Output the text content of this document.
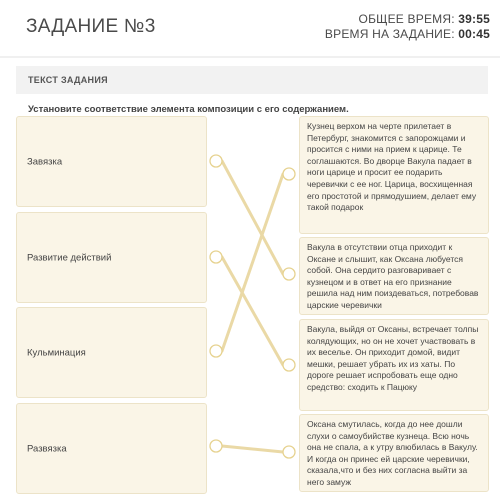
ЗАДАНИЕ №3	ОБЩЕЕ ВРЕМЯ: 39:55
ВРЕМЯ НА ЗАДАНИЕ: 00:45
ТЕКСТ ЗАДАНИЯ
Установите соответствие элемента композиции с его содержанием.
Завязка
Развитие действий
Кульминация
Развязка
Кузнец верхом на черте прилетает в Петербург, знакомится с запорожцами и просится с ними на прием к царице. Те соглашаются. Во дворце Вакула падает в ноги царице и просит ее подарить черевички с ее ног. Царица, восхищенная его простотой и прямодушием, делает ему такой подарок
Вакула в отсутствии отца приходит к Оксане и слышит, как Оксана любуется собой. Она сердито разговаривает с кузнецом и в ответ на его признание решила над ним поиздеваться, потребовав царские черевички
Вакула, выйдя от Оксаны, встречает толпы колядующих, но он не хочет участвовать в их веселье. Он приходит домой, видит мешки, решает убрать их из хаты. По дороге решает испробовать еще одно средство: сходить к Пацюку
Оксана смутилась, когда до нее дошли слухи о самоубийстве кузнеца. Всю ночь она не спала, а к утру влюбилась в Вакулу. И когда он принес ей царские черевички, сказала,что и без них согласна выйти за него замуж
